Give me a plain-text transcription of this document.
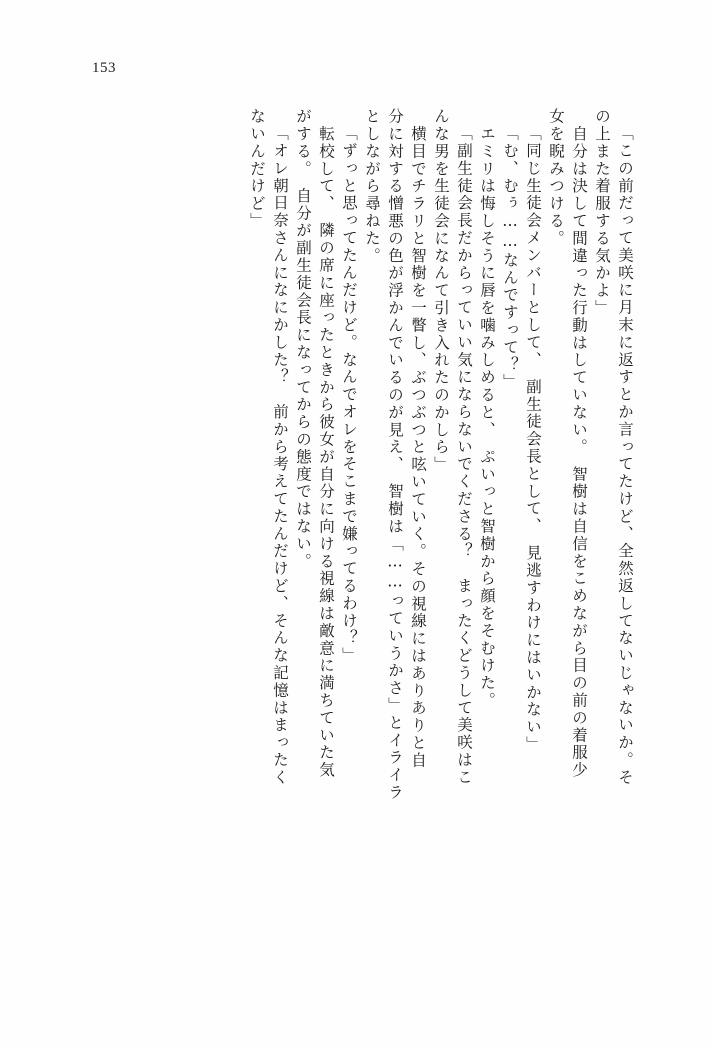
153
「この前だって美咲に月末に返すとか言ってたけど、全然返してないじゃないか。そ
の上また着服する気かよ」
　自分は決して間違った行動はしていない。　智樹は自信をこめながら目の前の着服少
女を睨みつける。
「同じ生徒会メンバーとして、　副生徒会長として、　見逃すわけにはいかない」
「む、むぅ……なんですって？」
　エミリは悔しそうに唇を噛みしめると、　ぷいっと智樹から顔をそむけた。
「副生徒会長だからっていい気にならないでくださる？　まったくどうして美咲はこ
んな男を生徒会になんて引き入れたのかしら」
　横目でチラリと智樹を一瞥し、ぶつぶつと呟いていく。その視線にはありありと自
分に対する憎悪の色が浮かんでいるのが見え、　智樹は「……っていうかさ」とイライラ
としながら尋ねた。
「ずっと思ってたんだけど。なんでオレをそこまで嫌ってるわけ？」
　転校して、　隣の席に座ったときから彼女が自分に向ける視線は敵意に満ちていた気
がする。　自分が副生徒会長になってからの態度ではない。
「オレ朝日奈さんになにかした？　前から考えてたんだけど、そんな記憶はまったく
ないんだけど」
